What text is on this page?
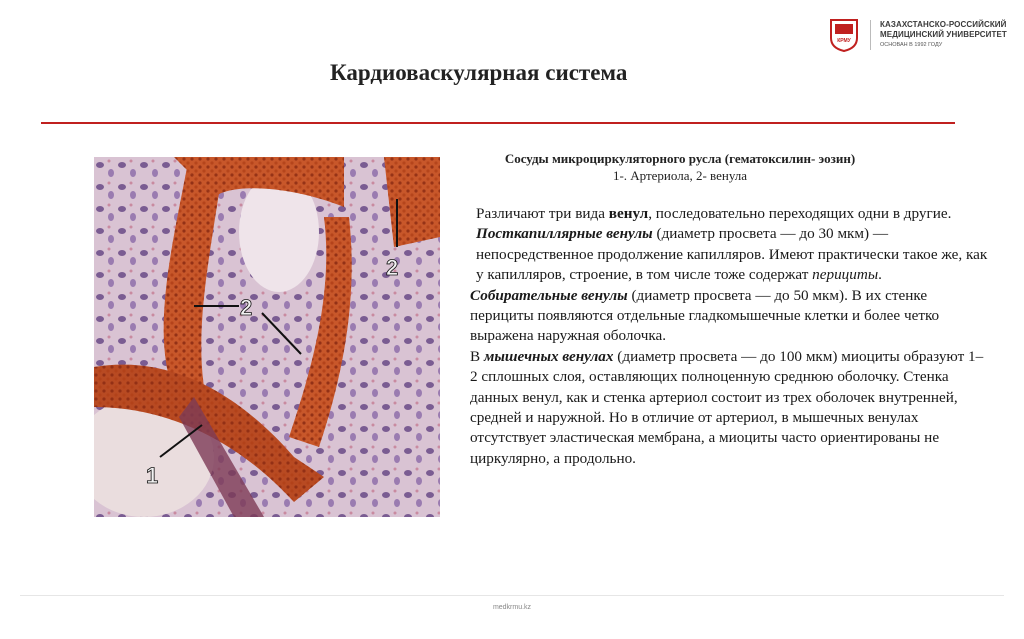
КРМУ
КАЗАХСТАНСКО-РОССИЙСКИЙ
МЕДИЦИНСКИЙ УНИВЕРСИТЕТ
ОСНОВАН В 1992 ГОДУ
Кардиоваскулярная система
2
2
1
Сосуды микроциркуляторного русла (гематоксилин- эозин)
1-. Артериола, 2- венула

Различают три вида венул, последовательно переходящих одни в другие.

Посткапиллярные венулы (диаметр просвета — до 30 мкм) — непосредственное продолжение капилляров. Имеют практически такое же, как у капилляров, строение, в том числе тоже содержат перициты.

Собирательные венулы (диаметр просвета — до 50 мкм). В их стенке перициты появляются отдельные гладкомышечные клетки и более четко выражена наружная оболочка.

В мышечных венулах (диаметр просвета — до 100 мкм) миоциты образуют 1–2 сплошных слоя, оставляющих полноценную среднюю оболочку. Стенка данных венул, как и стенка артериол состоит из трех оболочек внутренней, средней и наружной. Но в отличие от артериол, в мышечных венулах отсутствует эластическая мембрана, а миоциты часто ориентированы не циркулярно, а продольно.

medkrmu.kz
